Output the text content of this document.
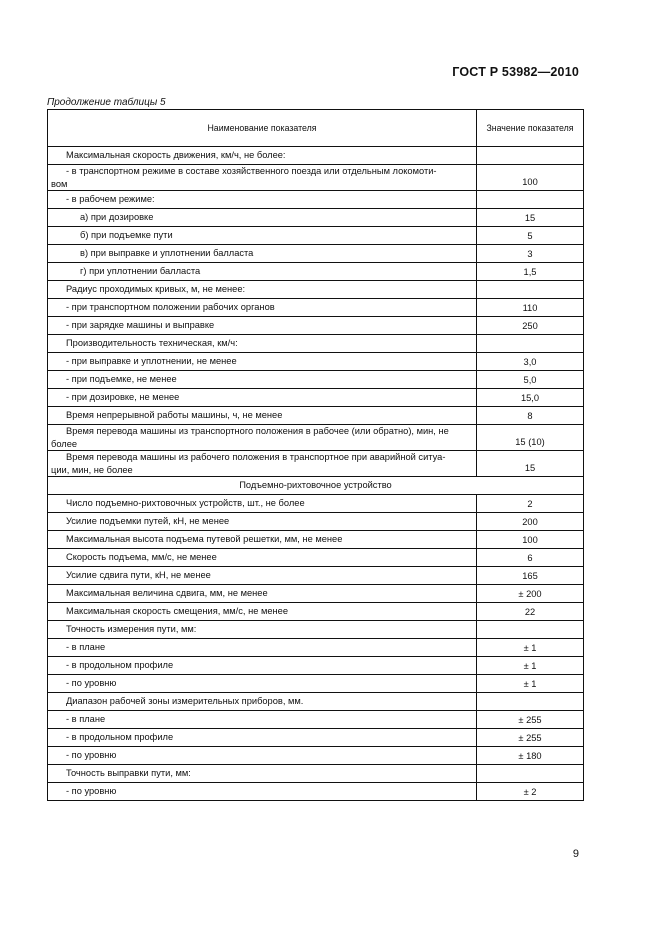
ГОСТ Р 53982—2010
Продолжение таблицы 5
Наименование показателя	Значение показателя
Максимальная скорость движения, км/ч, не более:	

- в транспортном режиме в составе хозяйственного поезда или отдельным локомоти-
вом	100
- в рабочем режиме:	
а) при дозировке	15
б) при подъемке пути	5
в) при выправке и уплотнении балласта	3
г) при уплотнении балласта	1,5
Радиус проходимых кривых, м, не менее:	
- при транспортном положении рабочих органов	110
- при зарядке машины и выправке	250
Производительность техническая, км/ч:	
- при выправке и уплотнении, не менее	3,0
- при подъемке, не менее	5,0
- при дозировке, не менее	15,0
Время непрерывной работы машины, ч, не менее	8

Время перевода машины из транспортного положения в рабочее (или обратно), мин, не
более	15 (10)

Время перевода машины из рабочего положения в транспортное при аварийной ситуа-
ции, мин, не более	15
Подъемно-рихтовочное устройство	
Число подъемно-рихтовочных устройств, шт., не более	2
Усилие подъемки путей, кН, не менее	200
Максимальная высота подъема путевой решетки, мм, не менее	100
Скорость подъема, мм/с, не менее	6
Усилие сдвига пути, кН, не менее	165
Максимальная величина сдвига, мм, не менее	± 200
Максимальная скорость смещения, мм/с, не менее	22
Точность измерения пути, мм:	
- в плане	± 1
- в продольном профиле	± 1
- по уровню	± 1
Диапазон рабочей зоны измерительных приборов, мм.	
- в плане	± 255
- в продольном профиле	± 255
- по уровню	± 180
Точность выправки пути, мм:	
- по уровню	± 2
9
